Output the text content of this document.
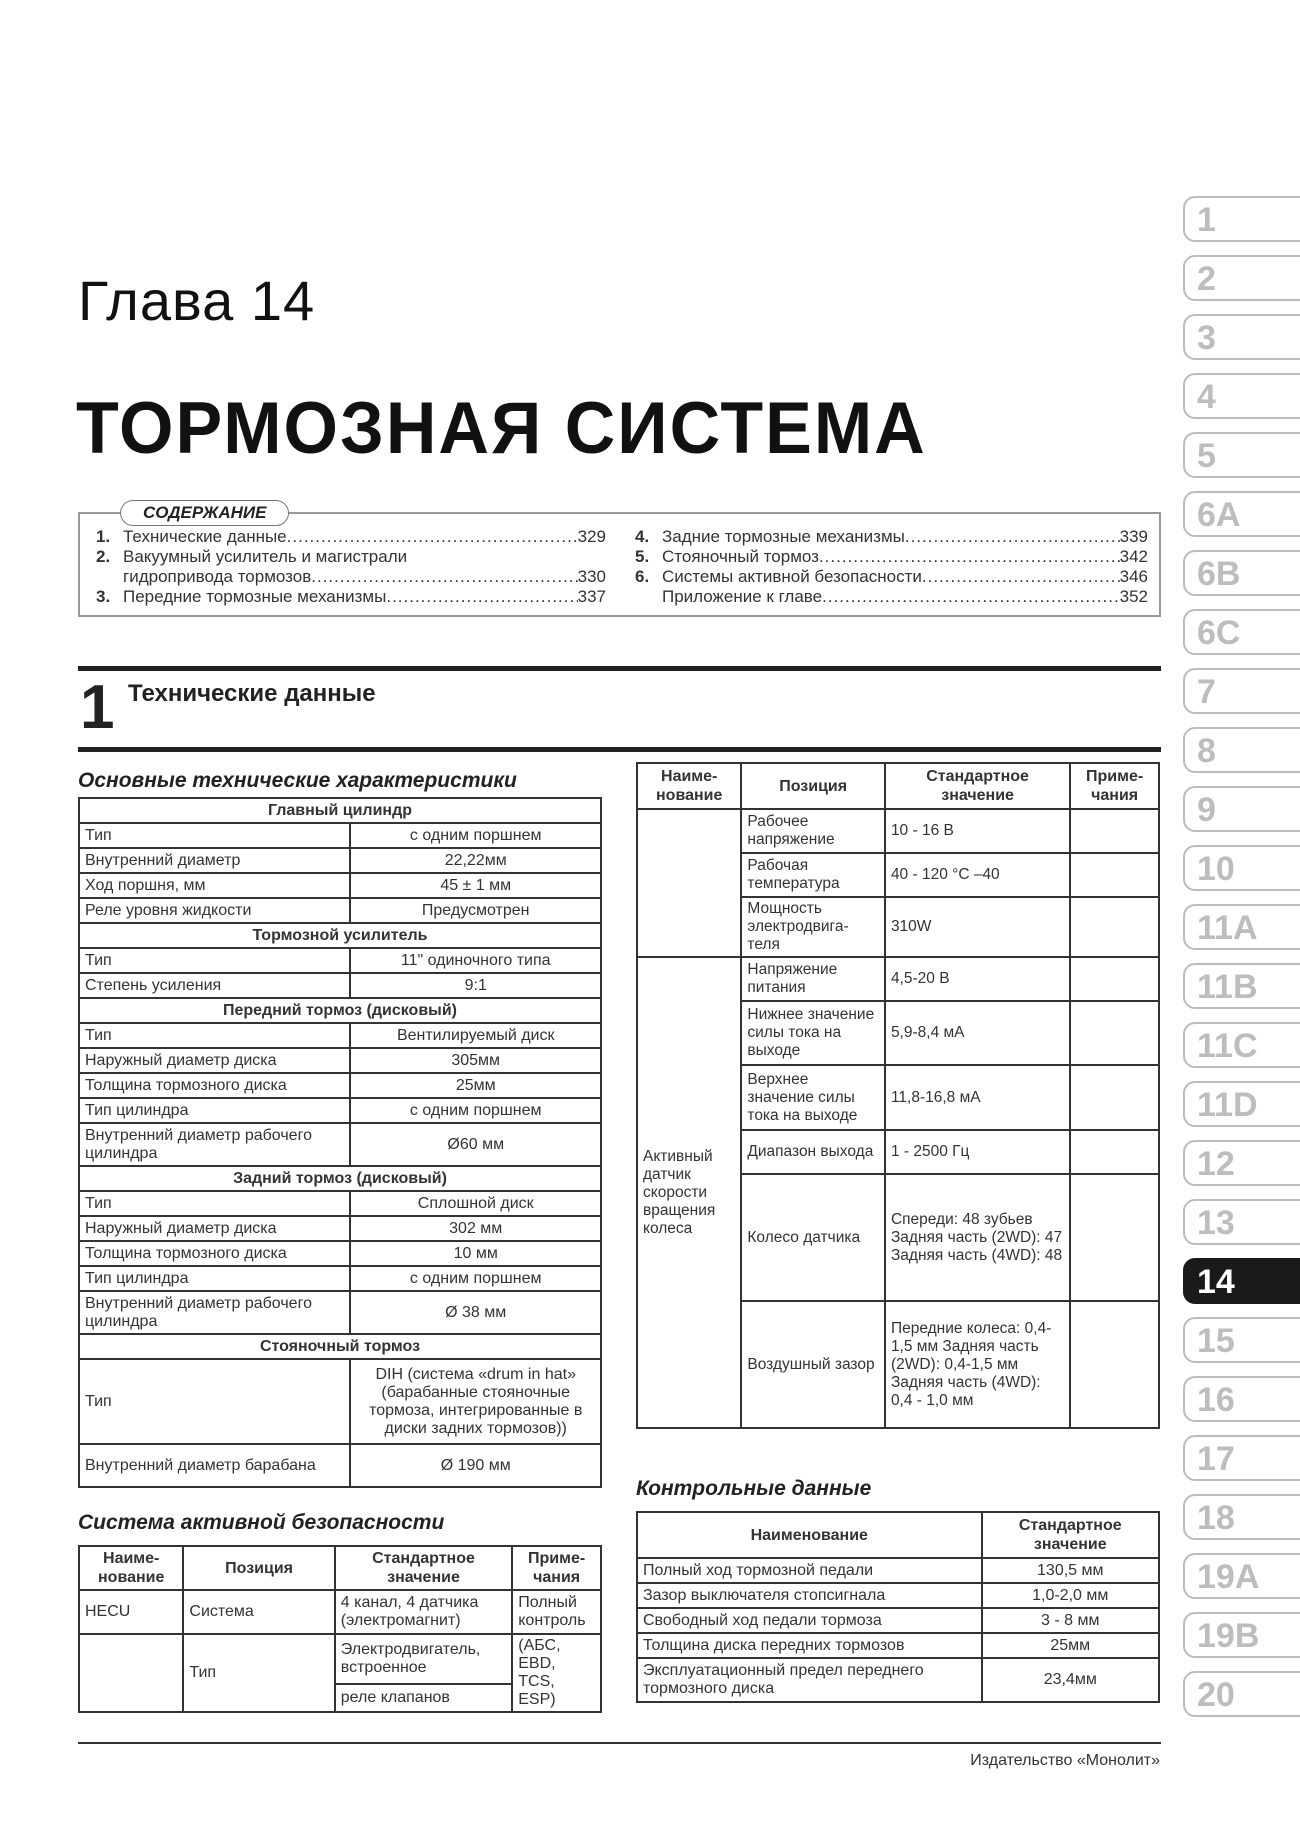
Глава 14
ТОРМОЗНАЯ СИСТЕМА
СОДЕРЖАНИЕ
1. Технические данные .....	329
2. Вакуумный усилитель и магистрали
гидропривода тормозов .....	330
3. Передние тормозные механизмы .....	337
4. Задние тормозные механизмы .....	339
5. Стояночный тормоз .....	342
6. Системы активной безопасности .....	346
Приложение к главе .....	352
1 Технические данные
Основные технические характеристики
Главный цилиндр	
Тип	с одним поршнем
Внутренний диаметр	22,22мм
Ход поршня, мм	45 ± 1 мм
Реле уровня жидкости	Предусмотрен
Тормозной усилитель	
Тип	11" одиночного типа
Степень усиления	9:1
Передний тормоз (дисковый)	
Тип	Вентилируемый диск
Наружный диаметр диска	305мм
Толщина тормозного диска	25мм
Тип цилиндра	с одним поршнем
Внутренний диаметр рабочего цилиндра	Ø60 мм
Задний тормоз (дисковый)	
Тип	Сплошной диск
Наружный диаметр диска	302 мм
Толщина тормозного диска	10 мм
Тип цилиндра	с одним поршнем
Внутренний диаметр рабочего цилиндра	Ø 38 мм
Стояночный тормоз	
Тип	DIH (система «drum in hat» (барабанные стояночные тормоза, интегрированные в диски задних тормозов))
Внутренний диаметр барабана	Ø 190 мм
Система активной безопасности
Наиме-нование	Позиция	Стандартное значение	Приме-чания
HECU	Система	4 канал, 4 датчика (электромагнит)	Полный контроль
	Тип	Электродвигатель, встроенное	(АБС, EBD, TCS, ESP)
		реле клапанов	
Наиме-нование	Позиция	Стандартное значение	Приме-чания
	Рабочее напряжение	10 - 16 В	
	Рабочая температура	40 - 120 °С –40	
	Мощность электродвига-теля	310W	
Активный датчик скорости вращения колеса	Напряжение питания	4,5-20 В	
	Нижнее значение силы тока на выходе	5,9-8,4 мА	
	Верхнее значение силы тока на выходе	11,8-16,8 мА	
	Диапазон выхода	1 - 2500 Гц	
	Колесо датчика	Спереди: 48 зубьев Задняя часть (2WD): 47 Задняя часть (4WD): 48	
	Воздушный зазор	Передние колеса: 0,4-1,5 мм Задняя часть (2WD): 0,4-1,5 мм Задняя часть (4WD): 0,4 - 1,0 мм	
Контрольные данные
Наименование	Стандартное значение
Полный ход тормозной педали	130,5 мм
Зазор выключателя стопсигнала	1,0-2,0 мм
Свободный ход педали тормоза	3 - 8 мм
Толщина диска передних тормозов	25мм
Эксплуатационный предел переднего тормозного диска	23,4мм
1
2
3
4
5
6A
6B
6C
7
8
9
10
11A
11B
11C
11D
12
13
14
15
16
17
18
19A
19B
20
Издательство «Монолит»
